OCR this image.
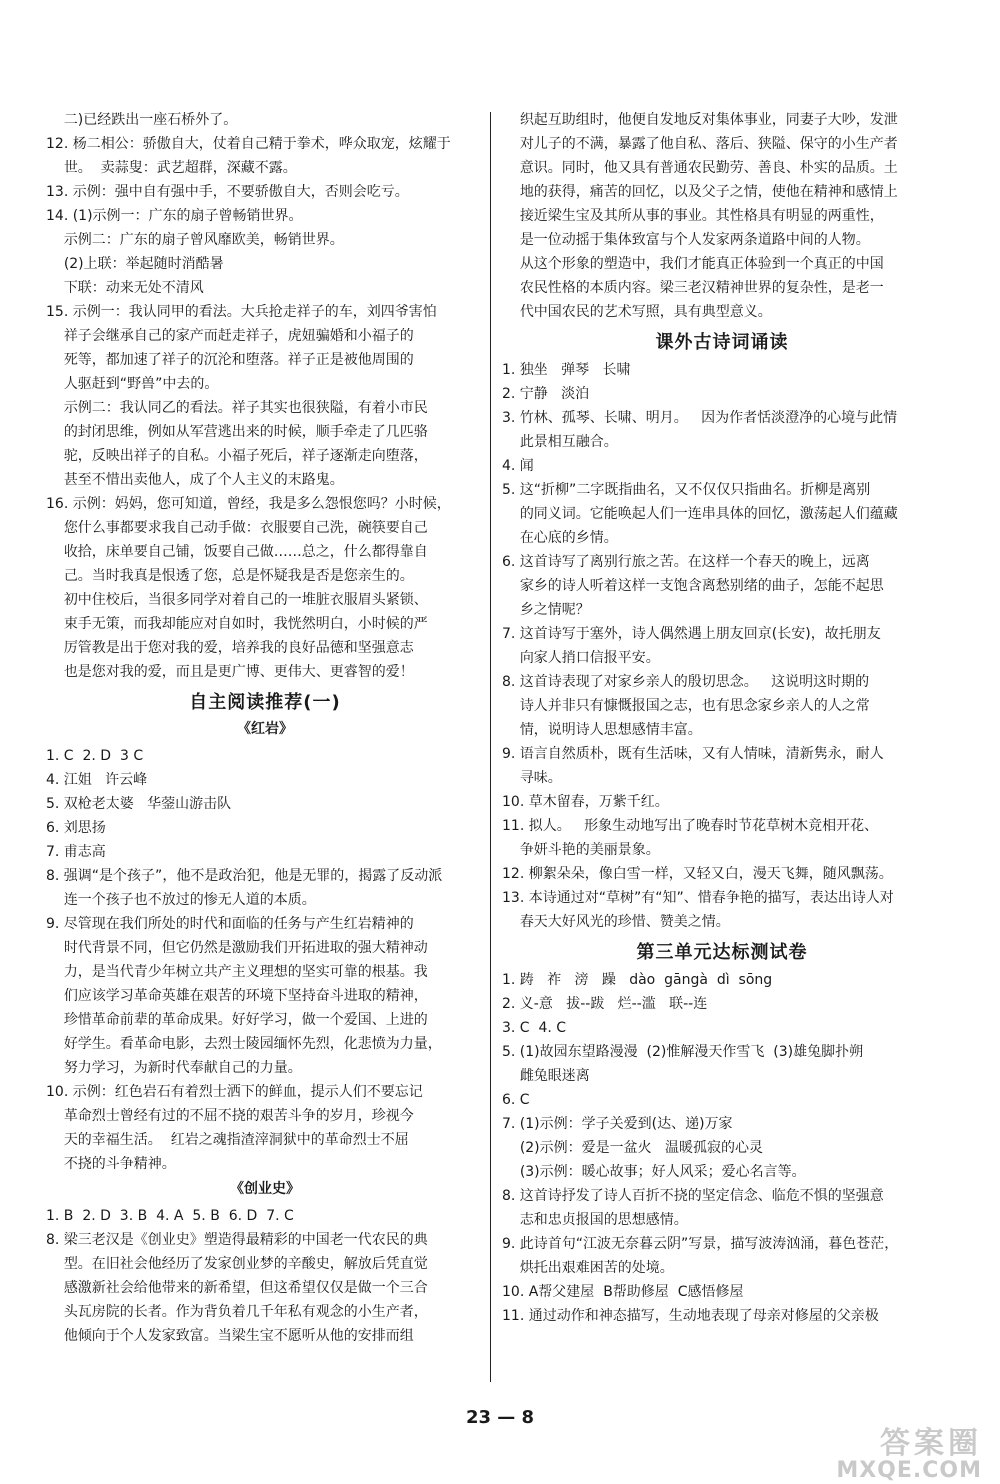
二)已经跌出一座石桥外了。
12. 杨二相公：骄傲自大，仗着自己精于拳术，哗众取宠，炫耀于
世。  卖蒜叟：武艺超群，深藏不露。
13. 示例：强中自有强中手，不要骄傲自大，否则会吃亏。
14. (1)示例一：广东的扇子曾畅销世界。
示例二：广东的扇子曾风靡欧美，畅销世界。
(2)上联：举起随时消酷暑
下联：动来无处不清风
15. 示例一：我认同甲的看法。大兵抢走祥子的车，刘四爷害怕
祥子会继承自己的家产而赶走祥子，虎妞骗婚和小福子的
死等，都加速了祥子的沉沦和堕落。祥子正是被他周围的
人驱赶到“野兽”中去的。
示例二：我认同乙的看法。祥子其实也很狭隘，有着小市民
的封闭思维，例如从军营逃出来的时候，顺手牵走了几匹骆
驼，反映出祥子的自私。小福子死后，祥子逐渐走向堕落，
甚至不惜出卖他人，成了个人主义的末路鬼。
16. 示例：妈妈，您可知道，曾经，我是多么怨恨您吗？小时候，
您什么事都要求我自己动手做：衣服要自己洗，碗筷要自己
收拾，床单要自己铺，饭要自己做……总之，什么都得靠自
己。当时我真是恨透了您，总是怀疑我是否是您亲生的。
初中住校后，当很多同学对着自己的一堆脏衣服眉头紧锁、
束手无策，而我却能应对自如时，我恍然明白，小时候的严
厉管教是出于您对我的爱，培养我的良好品德和坚强意志
也是您对我的爱，而且是更广博、更伟大、更睿智的爱！
自主阅读推荐(一)
《红岩》
1. C  2. D  3 C
4. 江姐   许云峰
5. 双枪老太婆   华蓥山游击队
6. 刘思扬
7. 甫志高
8. 强调“是个孩子”，他不是政治犯，他是无罪的，揭露了反动派
连一个孩子也不放过的惨无人道的本质。
9. 尽管现在我们所处的时代和面临的任务与产生红岩精神的
时代背景不同，但它仍然是激励我们开拓进取的强大精神动
力，是当代青少年树立共产主义理想的坚实可靠的根基。我
们应该学习革命英雄在艰苦的环境下坚持奋斗进取的精神，
珍惜革命前辈的革命成果。好好学习，做一个爱国、上进的
好学生。看革命电影，去烈士陵园缅怀先烈，化悲愤为力量，
努力学习，为新时代奉献自己的力量。
10. 示例：红色岩石有着烈士洒下的鲜血，提示人们不要忘记
革命烈士曾经有过的不屈不挠的艰苦斗争的岁月，珍视今
天的幸福生活。  红岩之魂指渣滓洞狱中的革命烈士不屈
不挠的斗争精神。
《创业史》
1. B  2. D  3. B  4. A  5. B  6. D  7. C
8. 梁三老汉是《创业史》塑造得最精彩的中国老一代农民的典
型。在旧社会他经历了发家创业梦的辛酸史，解放后凭直觉
感激新社会给他带来的新希望，但这希望仅仅是做一个三合
头瓦房院的长者。作为背负着几千年私有观念的小生产者，
他倾向于个人发家致富。当梁生宝不愿听从他的安排而组
织起互助组时，他便自发地反对集体事业，同妻子大吵，发泄
对儿子的不满，暴露了他自私、落后、狭隘、保守的小生产者
意识。同时，他又具有普通农民勤劳、善良、朴实的品质。土
地的获得，痛苦的回忆，以及父子之情，使他在精神和感情上
接近梁生宝及其所从事的事业。其性格具有明显的两重性，
是一位动摇于集体致富与个人发家两条道路中间的人物。
从这个形象的塑造中，我们才能真正体验到一个真正的中国
农民性格的本质内容。梁三老汉精神世界的复杂性，是老一
代中国农民的艺术写照，具有典型意义。
课外古诗词诵读
1. 独坐   弹琴   长啸
2. 宁静   淡泊
3. 竹林、孤琴、长啸、明月。   因为作者恬淡澄净的心境与此情
此景相互融合。
4. 闻
5. 这“折柳”二字既指曲名，又不仅仅只指曲名。折柳是离别
的同义词。它能唤起人们一连串具体的回忆，激荡起人们蕴藏
在心底的乡情。
6. 这首诗写了离别行旅之苦。在这样一个春天的晚上，远离
家乡的诗人听着这样一支饱含离愁别绪的曲子，怎能不起思
乡之情呢？
7. 这首诗写于塞外，诗人偶然遇上朋友回京(长安)，故托朋友
向家人捎口信报平安。
8. 这首诗表现了对家乡亲人的殷切思念。   这说明这时期的
诗人并非只有慷慨报国之志，也有思念家乡亲人的人之常
情，说明诗人思想感情丰富。
9. 语言自然质朴，既有生活味，又有人情味，清新隽永，耐人
寻味。
10. 草木留春，万紫千红。
11. 拟人。   形象生动地写出了晚春时节花草树木竞相开花、
争妍斗艳的美丽景象。
12. 柳絮朵朵，像白雪一样，又轻又白，漫天飞舞，随风飘荡。
13. 本诗通过对“草树”有“知”、惜春争艳的描写，表达出诗人对
春天大好风光的珍惜、赞美之情。
第三单元达标测试卷
1. 踌   祚   滂   躁   dào  gāngà  dì  sōng
2. 义-意   拔--跋   烂--滥   联--连
3. C  4. C
5. (1)故园东望路漫漫  (2)惟解漫天作雪飞  (3)雄兔脚扑朔
雌兔眼迷离
6. C
7. (1)示例：学子关爱到(达、递)万家
(2)示例：爱是一盆火   温暖孤寂的心灵
(3)示例：暖心故事；好人风采；爱心名言等。
8. 这首诗抒发了诗人百折不挠的坚定信念、临危不惧的坚强意
志和忠贞报国的思想感情。
9. 此诗首句“江波无奈暮云阴”写景，描写波涛汹涌，暮色苍茫，
烘托出艰难困苦的处境。
10. A帮父建屋  B帮助修屋  C感悟修屋
11. 通过动作和神态描写，生动地表现了母亲对修屋的父亲极
23 — 8
答案圈
MXQE.COM
